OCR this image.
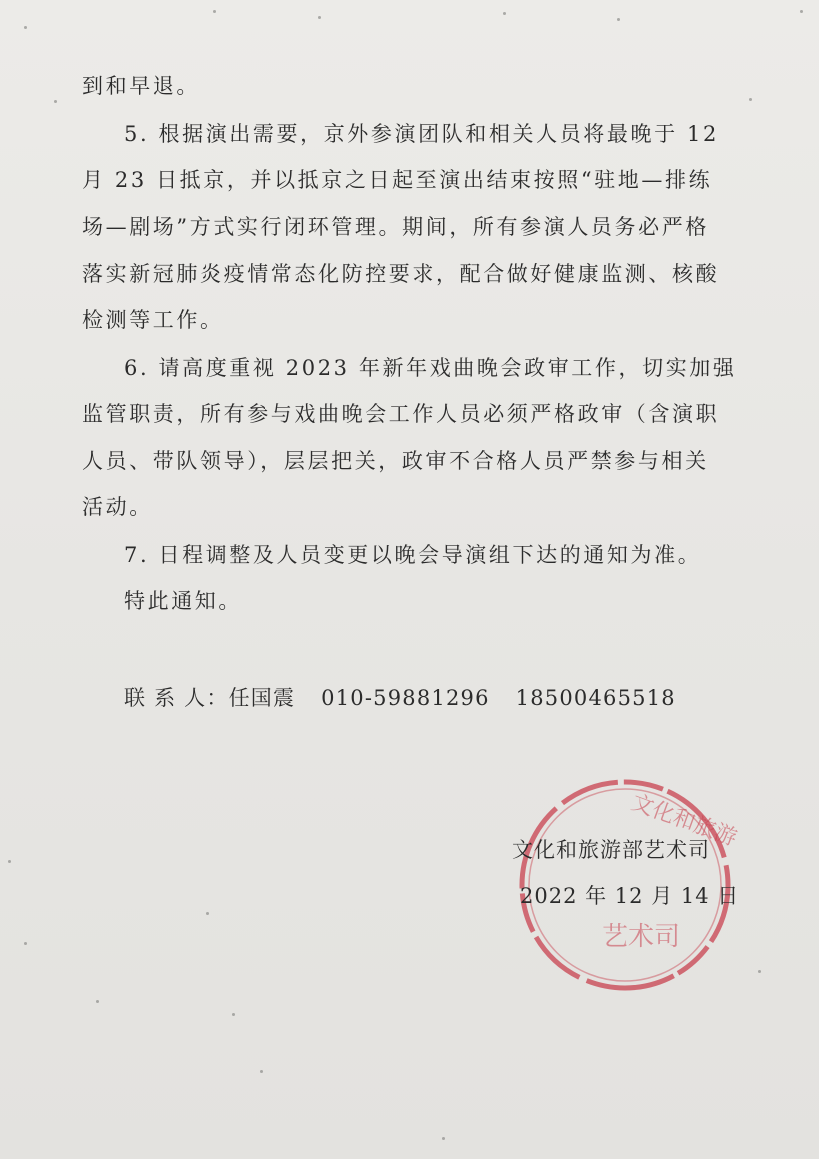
文化和旅游
艺术司
到和早退。
5. 根据演出需要，京外参演团队和相关人员将最晚于 12
月 23 日抵京，并以抵京之日起至演出结束按照“驻地—排练
场—剧场”方式实行闭环管理。期间，所有参演人员务必严格
落实新冠肺炎疫情常态化防控要求，配合做好健康监测、核酸
检测等工作。
6. 请高度重视 2023 年新年戏曲晚会政审工作，切实加强
监管职责，所有参与戏曲晚会工作人员必须严格政审（含演职
人员、带队领导），层层把关，政审不合格人员严禁参与相关
活动。
7. 日程调整及人员变更以晚会导演组下达的通知为准。
特此通知。
联 系 人：任国震 010-59881296 18500465518
文化和旅游部艺术司
2022 年 12 月 14 日
